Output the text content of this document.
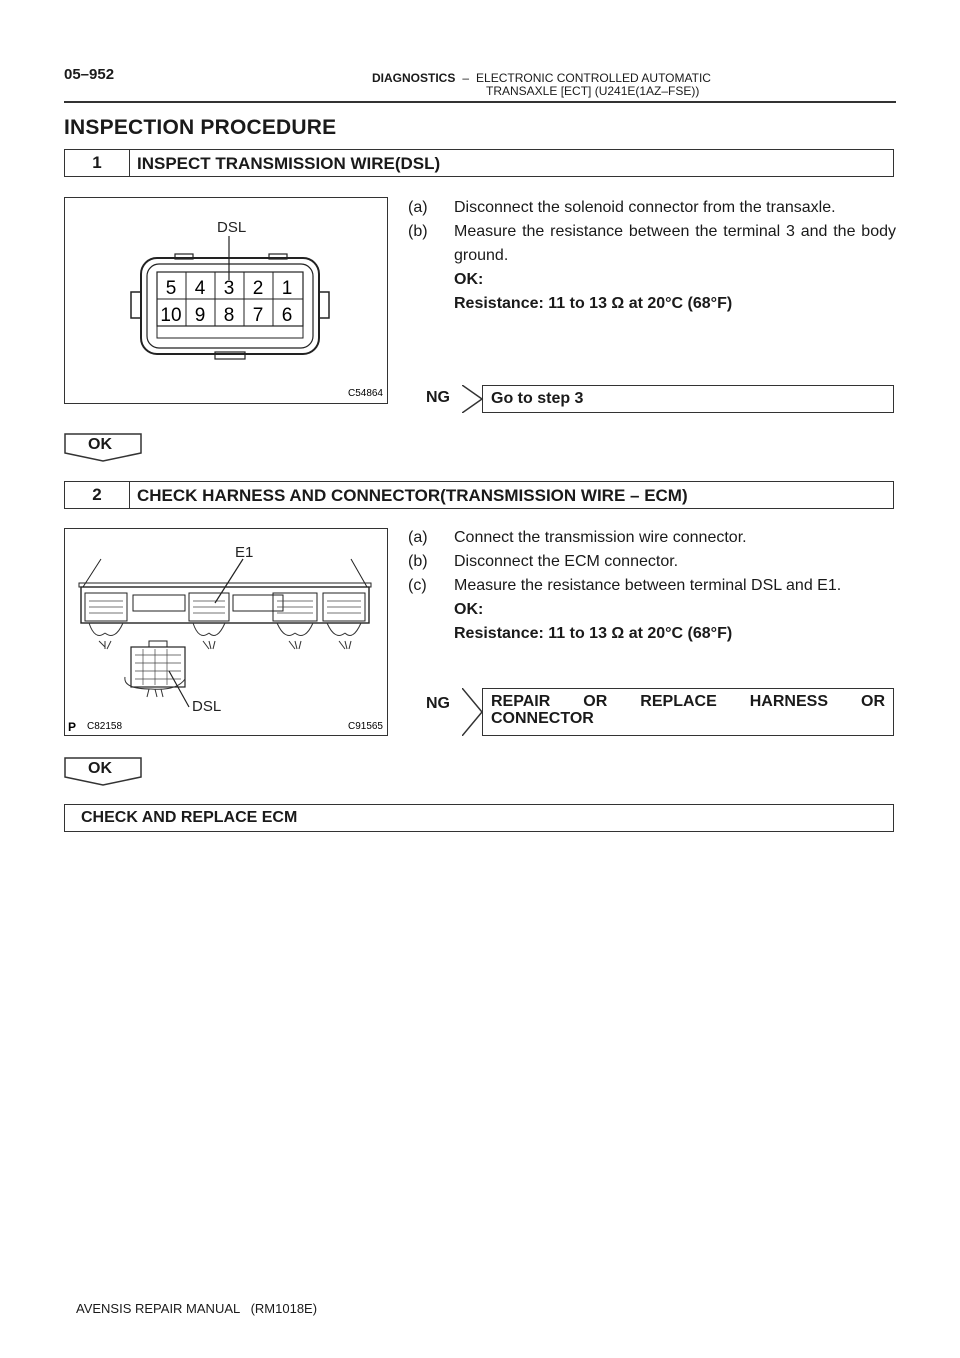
05–952	DIAGNOSTICS – ELECTRONIC CONTROLLED AUTOMATIC
TRANSAXLE [ECT] (U241E(1AZ–FSE))
INSPECTION PROCEDURE
1	INSPECT TRANSMISSION WIRE(DSL)
DSL
5 4 3 2 1
10 9 8 7 6
C54864
(a) Disconnect the solenoid connector from the transaxle.
(b) Measure the resistance between the terminal 3 and the body ground.
OK:
Resistance: 11 to 13 Ω at 20°C (68°F)
NG	Go to step 3
OK
2	CHECK HARNESS AND CONNECTOR(TRANSMISSION WIRE – ECM)
E1
DSL
P C82158	C91565
(a) Connect the transmission wire connector.
(b) Disconnect the ECM connector.
(c) Measure the resistance between terminal DSL and E1.
OK:
Resistance: 11 to 13 Ω at 20°C (68°F)
NG	REPAIR OR REPLACE HARNESS OR
CONNECTOR
OK
CHECK AND REPLACE ECM
AVENSIS REPAIR MANUAL   (RM1018E)
